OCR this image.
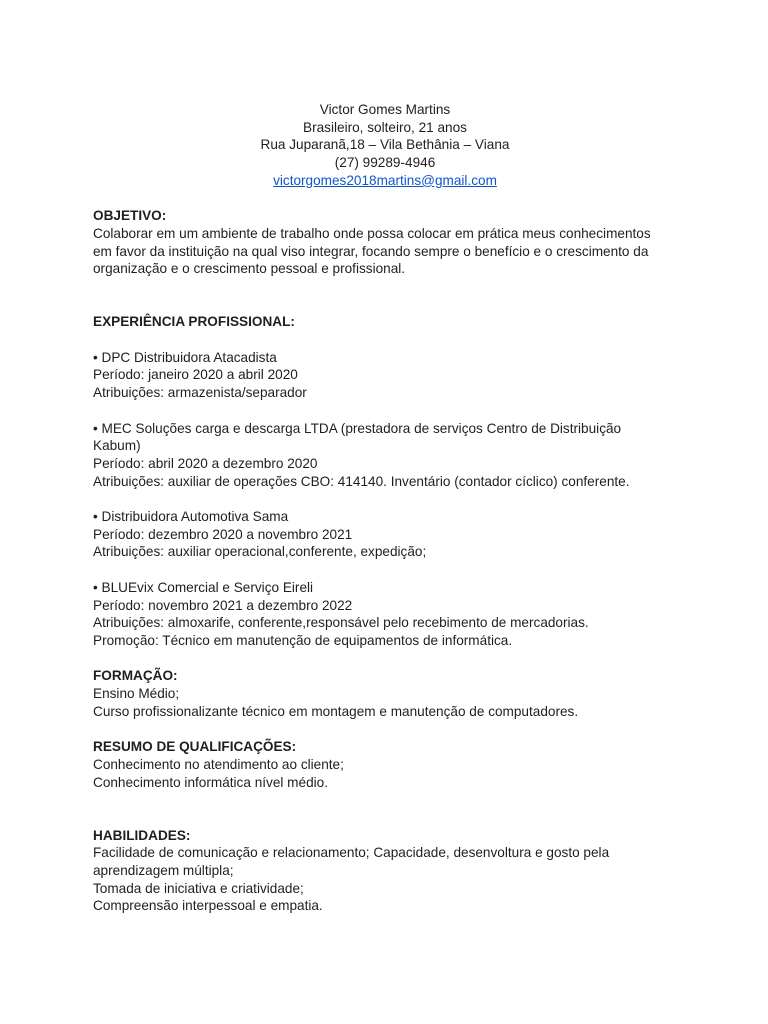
Victor Gomes Martins
Brasileiro, solteiro, 21 anos
Rua Juparanã,18 – Vila Bethânia – Viana
(27) 99289-4946
victorgomes2018martins@gmail.com
OBJETIVO:
Colaborar em um ambiente de trabalho onde possa colocar em prática meus conhecimentos
em favor da instituição na qual viso integrar, focando sempre o benefício e o crescimento da
organização e o crescimento pessoal e profissional.
EXPERIÊNCIA PROFISSIONAL:
• DPC Distribuidora Atacadista
Período: janeiro 2020 a abril 2020
Atribuições: armazenista/separador
• MEC Soluções carga e descarga LTDA (prestadora de serviços Centro de Distribuição
Kabum)
Período: abril 2020 a dezembro 2020
Atribuições: auxiliar de operações CBO: 414140. Inventário (contador cíclico) conferente.
• Distribuidora Automotiva Sama
Período: dezembro 2020 a novembro 2021
Atribuições: auxiliar operacional,conferente, expedição;
• BLUEvix Comercial e Serviço Eireli
Período: novembro 2021 a dezembro 2022
Atribuições: almoxarife, conferente,responsável pelo recebimento de mercadorias.
Promoção: Técnico em manutenção de equipamentos de informática.
FORMAÇÃO:
Ensino Médio;
Curso profissionalizante técnico em montagem e manutenção de computadores.
RESUMO DE QUALIFICAÇÕES:
Conhecimento no atendimento ao cliente;
Conhecimento informática nível médio.
HABILIDADES:
Facilidade de comunicação e relacionamento; Capacidade, desenvoltura e gosto pela
aprendizagem múltipla;
Tomada de iniciativa e criatividade;
Compreensão interpessoal e empatia.
